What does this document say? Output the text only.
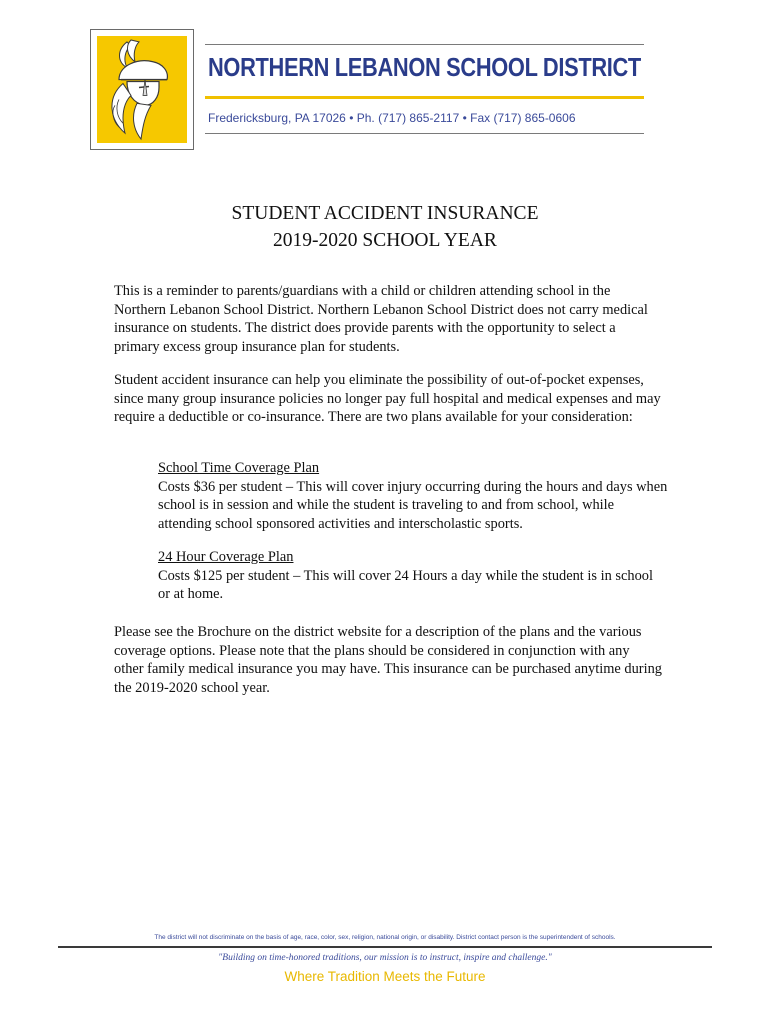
NORTHERN LEBANON SCHOOL DISTRICT
Fredericksburg, PA 17026 • Ph. (717) 865-2117 • Fax (717) 865-0606
STUDENT ACCIDENT INSURANCE
2019-2020 SCHOOL YEAR

This is a reminder to parents/guardians with a child or children attending school in the Northern Lebanon School District. Northern Lebanon School District does not carry medical insurance on students. The district does provide parents with the opportunity to select a primary excess group insurance plan for students.

Student accident insurance can help you eliminate the possibility of out-of-pocket expenses, since many group insurance policies no longer pay full hospital and medical expenses and may require a deductible or co-insurance. There are two plans available for your consideration:

School Time Coverage Plan

Costs $36 per student – This will cover injury occurring during the hours and days when school is in session and while the student is traveling to and from school, while attending school sponsored activities and interscholastic sports.

24 Hour Coverage Plan

Costs $125 per student – This will cover 24 Hours a day while the student is in school or at home.

Please see the Brochure on the district website for a description of the plans and the various coverage options. Please note that the plans should be considered in conjunction with any other family medical insurance you may have. This insurance can be purchased anytime during the 2019-2020 school year.

The district will not discriminate on the basis of age, race, color, sex, religion, national origin, or disability. District contact person is the superintendent of schools.
"Building on time-honored traditions, our mission is to instruct, inspire and challenge."
Where Tradition Meets the Future
